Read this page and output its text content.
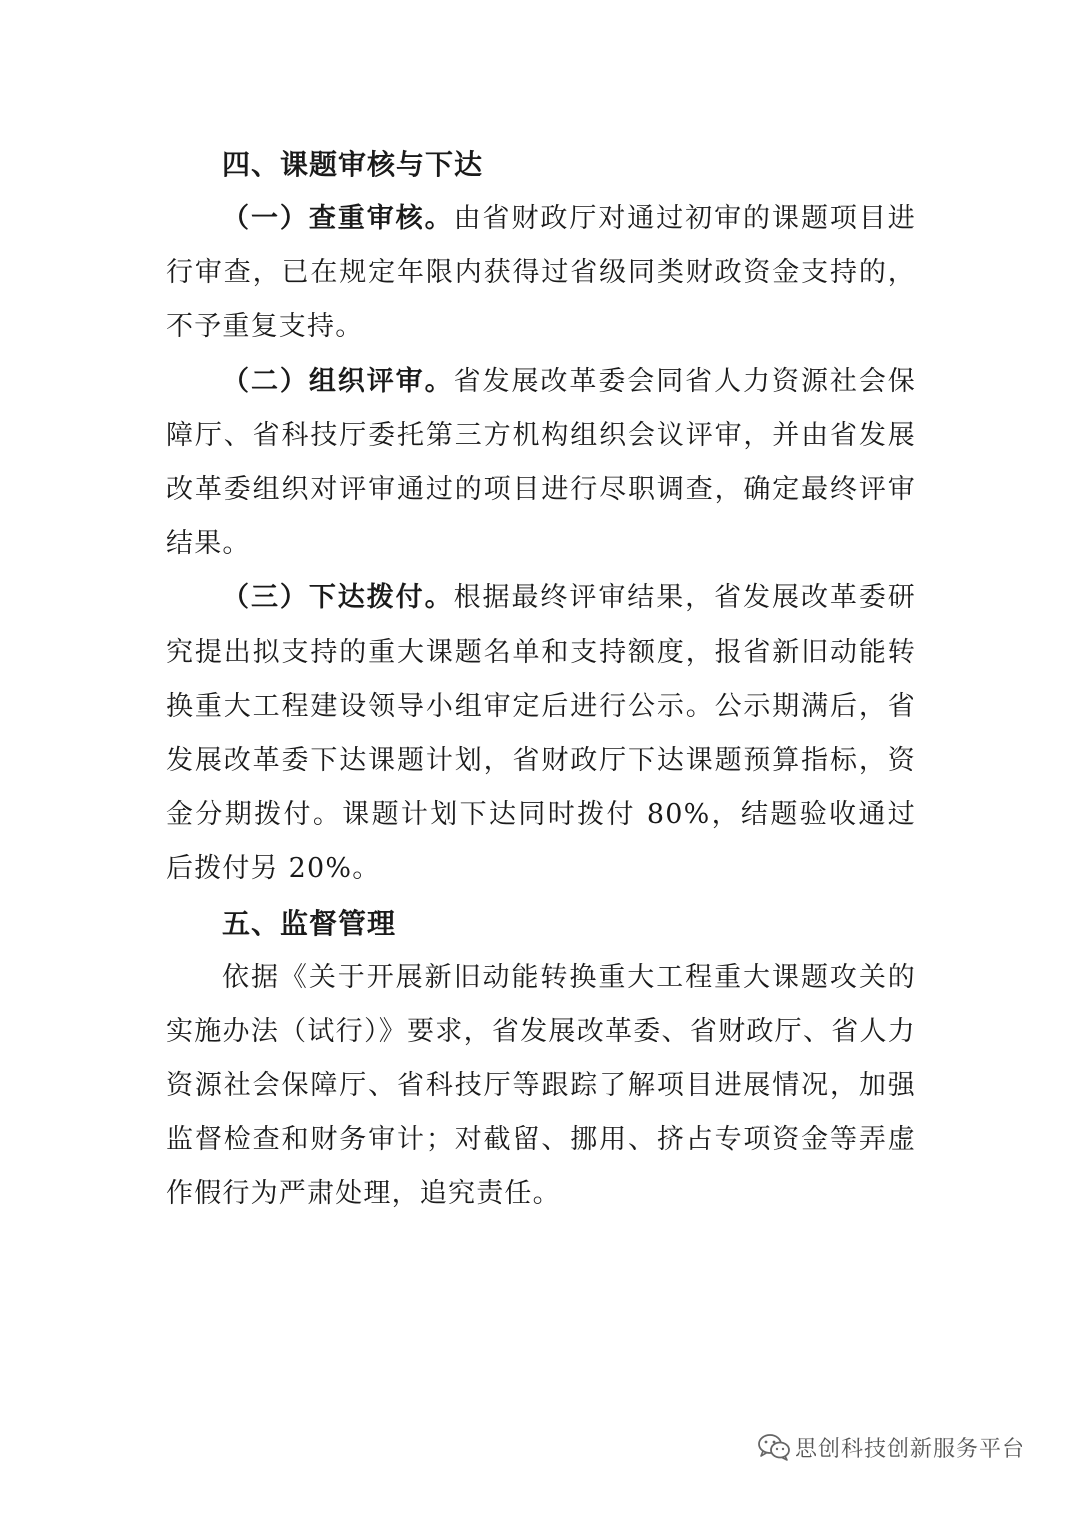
四、课题审核与下达

（一）查重审核。由省财政厅对通过初审的课题项目进行审查，已在规定年限内获得过省级同类财政资金支持的，不予重复支持。

（二）组织评审。省发展改革委会同省人力资源社会保障厅、省科技厅委托第三方机构组织会议评审，并由省发展改革委组织对评审通过的项目进行尽职调查，确定最终评审结果。

（三）下达拨付。根据最终评审结果，省发展改革委研究提出拟支持的重大课题名单和支持额度，报省新旧动能转换重大工程建设领导小组审定后进行公示。公示期满后，省发展改革委下达课题计划，省财政厅下达课题预算指标，资金分期拨付。课题计划下达同时拨付 80%，结题验收通过后拨付另 20%。

五、监督管理

依据《关于开展新旧动能转换重大工程重大课题攻关的实施办法（试行）》要求，省发展改革委、省财政厅、省人力资源社会保障厅、省科技厅等跟踪了解项目进展情况，加强监督检查和财务审计；对截留、挪用、挤占专项资金等弄虚作假行为严肃处理，追究责任。

思创科技创新服务平台
